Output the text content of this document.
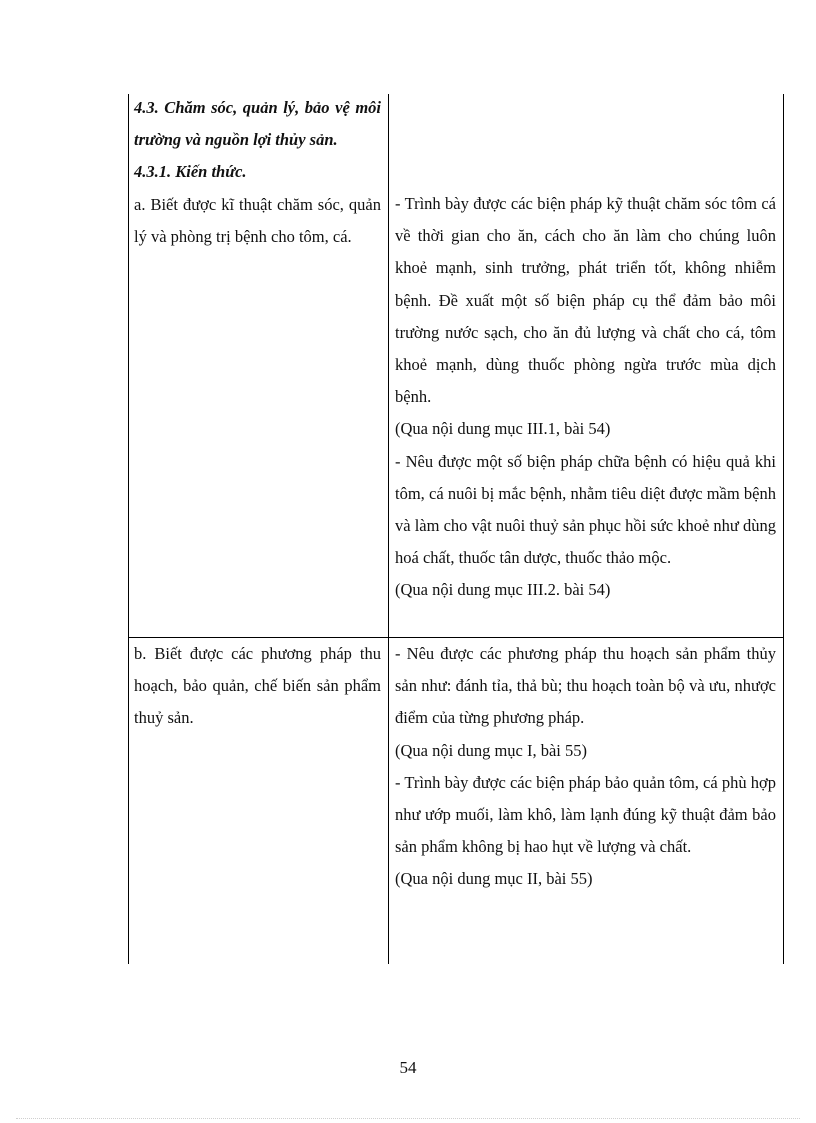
4.3. Chăm sóc, quản lý, bảo vệ môi trường và nguồn lợi thủy sản.

4.3.1. Kiến thức.

a. Biết được kĩ thuật chăm sóc, quản lý và phòng trị bệnh cho tôm, cá.

- Trình bày được các biện pháp kỹ thuật chăm sóc tôm cá về thời gian cho ăn, cách cho ăn làm cho chúng luôn khoẻ mạnh, sinh trưởng, phát triển tốt, không nhiễm bệnh. Đề xuất một số biện pháp cụ thể đảm bảo môi trường nước sạch, cho ăn đủ lượng và chất cho cá, tôm khoẻ mạnh, dùng thuốc phòng ngừa trước mùa dịch bệnh.

(Qua nội dung mục III.1, bài 54)

- Nêu được một số biện pháp chữa bệnh có hiệu quả khi tôm, cá nuôi bị mắc bệnh, nhằm tiêu diệt được mầm bệnh và làm cho vật nuôi thuỷ sản phục hồi sức khoẻ như dùng hoá chất, thuốc tân dược, thuốc thảo mộc.

(Qua nội dung mục III.2. bài 54)

b. Biết được các phương pháp thu hoạch, bảo quản, chế biến sản phẩm thuỷ sản.

- Nêu được các phương pháp thu hoạch sản phẩm thủy sản như: đánh tỉa, thả bù; thu hoạch toàn bộ và ưu, nhược điểm của từng phương pháp.

(Qua nội dung mục I, bài 55)

- Trình bày được các biện pháp bảo quản tôm, cá phù hợp như ướp muối, làm khô, làm lạnh đúng kỹ thuật đảm bảo sản phẩm không bị hao hụt về lượng và chất.

(Qua nội dung mục II, bài 55)

54
